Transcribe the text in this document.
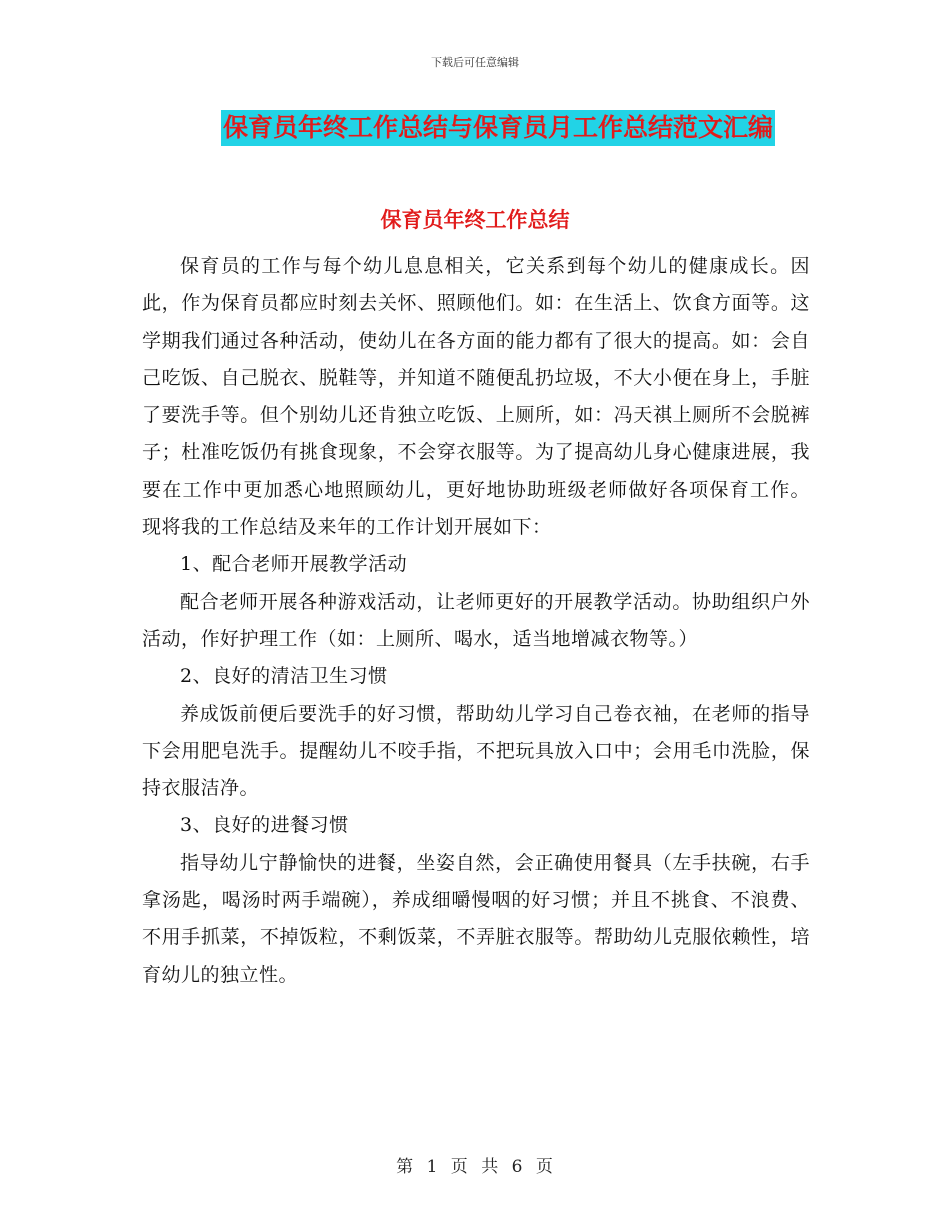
下载后可任意编辑
保育员年终工作总结与保育员月工作总结范文汇编
保育员年终工作总结

保育员的工作与每个幼儿息息相关，它关系到每个幼儿的健康成长。因此，作为保育员都应时刻去关怀、照顾他们。如：在生活上、饮食方面等。这学期我们通过各种活动，使幼儿在各方面的能力都有了很大的提高。如：会自己吃饭、自己脱衣、脱鞋等，并知道不随便乱扔垃圾，不大小便在身上，手脏了要洗手等。但个别幼儿还肯独立吃饭、上厕所，如：冯天祺上厕所不会脱裤子；杜准吃饭仍有挑食现象，不会穿衣服等。为了提高幼儿身心健康进展，我要在工作中更加悉心地照顾幼儿，更好地协助班级老师做好各项保育工作。 现将我的工作总结及来年的工作计划开展如下：

1、配合老师开展教学活动

配合老师开展各种游戏活动，让老师更好的开展教学活动。协助组织户外活动，作好护理工作（如：上厕所、喝水，适当地增减衣物等。）

2、良好的清洁卫生习惯

养成饭前便后要洗手的好习惯，帮助幼儿学习自己卷衣袖，在老师的指导下会用肥皂洗手。提醒幼儿不咬手指，不把玩具放入口中；会用毛巾洗脸，保持衣服洁净。

3、良好的进餐习惯

指导幼儿宁静愉快的进餐，坐姿自然，会正确使用餐具（左手扶碗，右手拿汤匙，喝汤时两手端碗），养成细嚼慢咽的好习惯；并且不挑食、不浪费、不用手抓菜，不掉饭粒，不剩饭菜，不弄脏衣服等。帮助幼儿克服依赖性，培育幼儿的独立性。

第 1 页 共 6 页
